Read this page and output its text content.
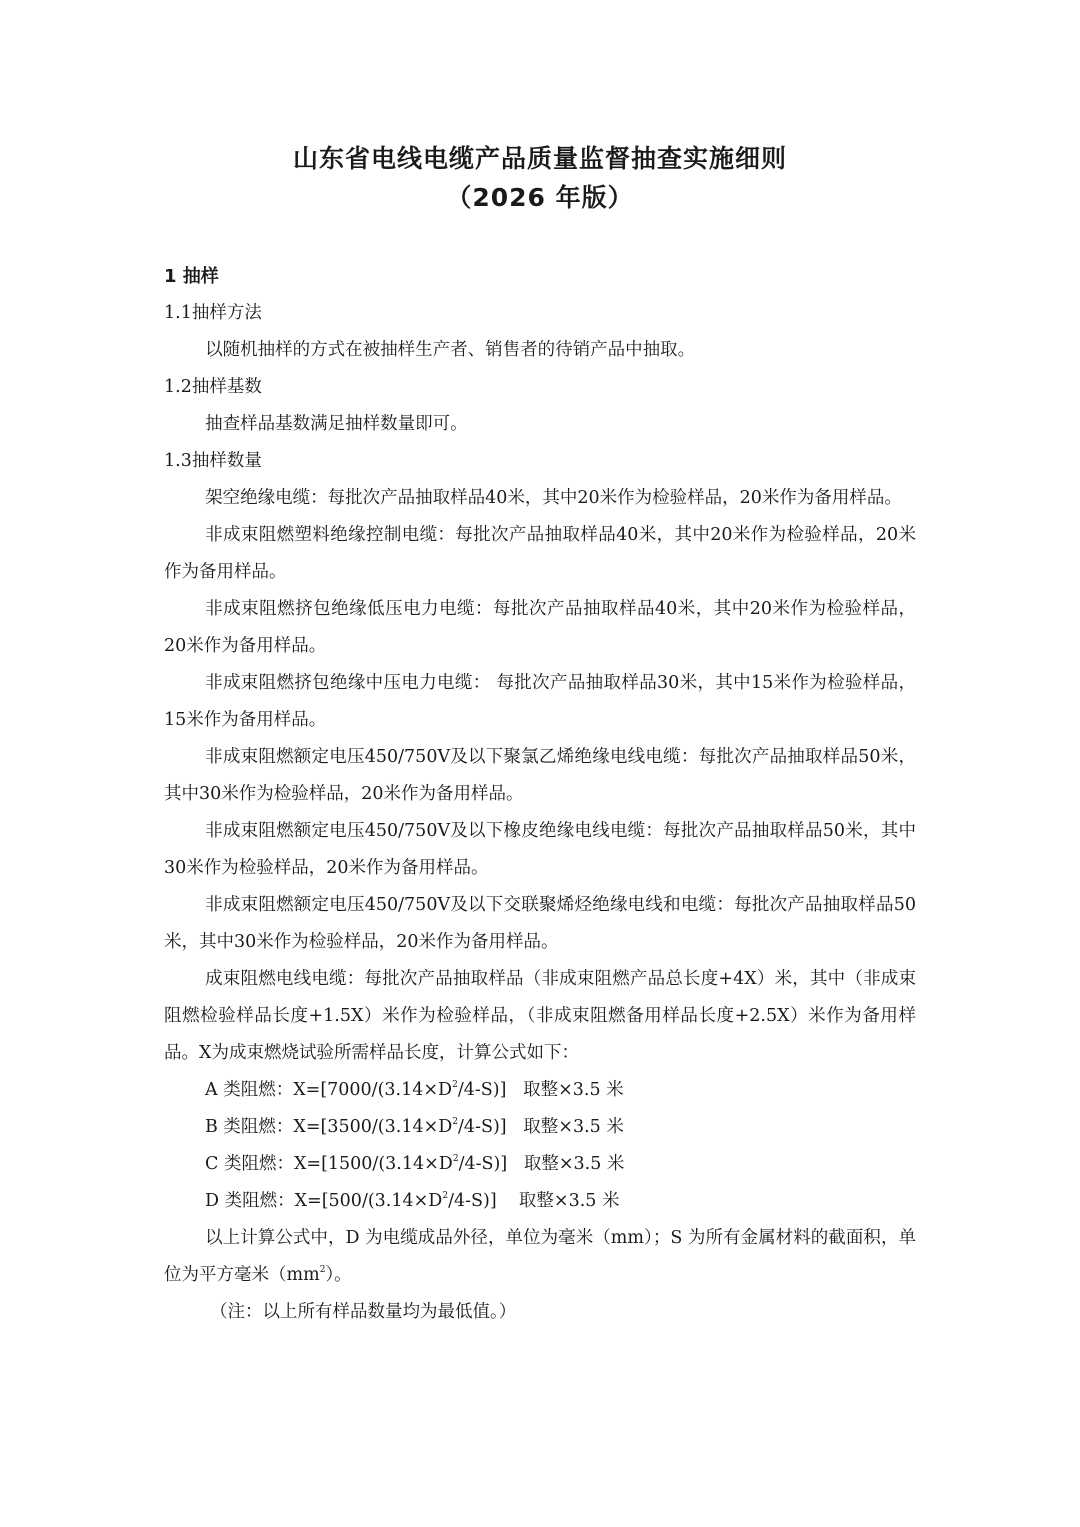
山东省电线电缆产品质量监督抽查实施细则
（2026 年版）

1 抽样

1.1抽样方法

以随机抽样的方式在被抽样生产者、销售者的待销产品中抽取。

1.2抽样基数

抽查样品基数满足抽样数量即可。

1.3抽样数量

架空绝缘电缆：每批次产品抽取样品40米，其中20米作为检验样品，20米作为备用样品。

非成束阻燃塑料绝缘控制电缆：每批次产品抽取样品40米，其中20米作为检验样品，20米作为备用样品。

非成束阻燃挤包绝缘低压电力电缆：每批次产品抽取样品40米，其中20米作为检验样品，20米作为备用样品。

非成束阻燃挤包绝缘中压电力电缆： 每批次产品抽取样品30米，其中15米作为检验样品，15米作为备用样品。

非成束阻燃额定电压450/750V及以下聚氯乙烯绝缘电线电缆：每批次产品抽取样品50米，其中30米作为检验样品，20米作为备用样品。

非成束阻燃额定电压450/750V及以下橡皮绝缘电线电缆：每批次产品抽取样品50米，其中30米作为检验样品，20米作为备用样品。

非成束阻燃额定电压450/750V及以下交联聚烯烃绝缘电线和电缆：每批次产品抽取样品50米，其中30米作为检验样品，20米作为备用样品。

成束阻燃电线电缆：每批次产品抽取样品（非成束阻燃产品总长度+4X）米，其中（非成束阻燃检验样品长度+1.5X）米作为检验样品，（非成束阻燃备用样品长度+2.5X）米作为备用样品。X为成束燃烧试验所需样品长度，计算公式如下：

A 类阻燃：$X=[7000/(3.14\times D^2/4-S)]$   取整×3.5 米

B 类阻燃：$X=[3500/(3.14\times D^2/4-S)]$   取整×3.5 米

C 类阻燃：$X=[1500/(3.14\times D^2/4-S)]$   取整×3.5 米

D 类阻燃：$X=[500/(3.14\times D^2/4-S)]$    取整×3.5 米

以上计算公式中，D 为电缆成品外径，单位为毫米（mm）；S 为所有金属材料的截面积，单位为平方毫米$(mm^2)$。

（注：以上所有样品数量均为最低值。）
